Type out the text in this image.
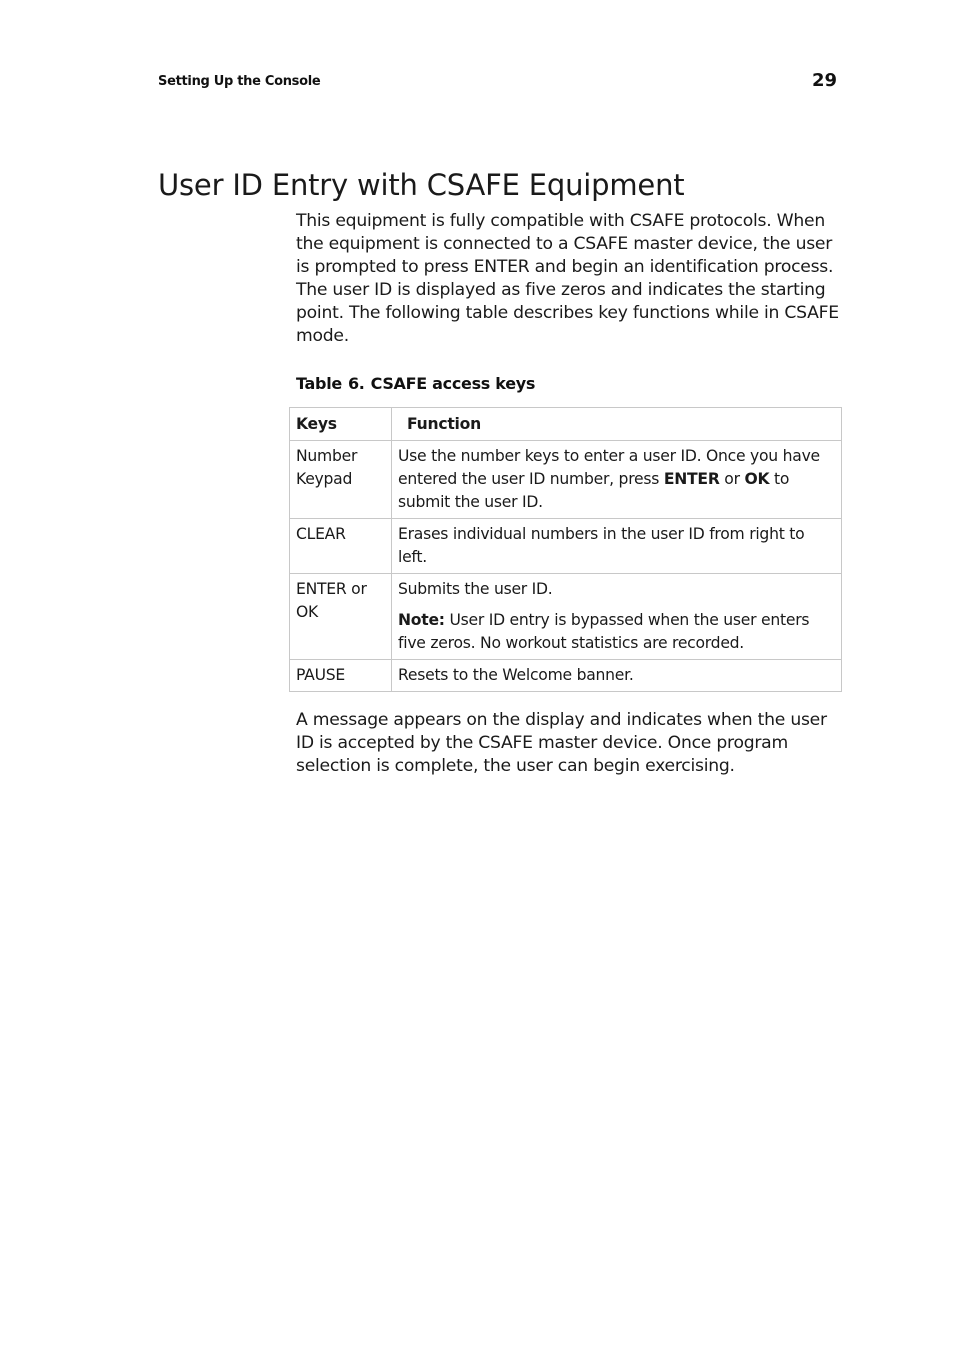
Setting Up the Console	29
User ID Entry with CSAFE Equipment

This equipment is fully compatible with CSAFE protocols. When the equipment is connected to a CSAFE master device, the user is prompted to press ENTER and begin an identification process. The user ID is displayed as five zeros and indicates the starting point. The following table describes key functions while in CSAFE mode.

Table 6. CSAFE access keys
Keys	Function
Number Keypad	Use the number keys to enter a user ID. Once you have entered the user ID number, press ENTER or OK to submit the user ID.
CLEAR	Erases individual numbers in the user ID from right to left.
ENTER or OK	Submits the user ID.

Note: User ID entry is bypassed when the user enters five zeros. No workout statistics are recorded.

PAUSE	Resets to the Welcome banner.

A message appears on the display and indicates when the user ID is accepted by the CSAFE master device. Once program selection is complete, the user can begin exercising.
